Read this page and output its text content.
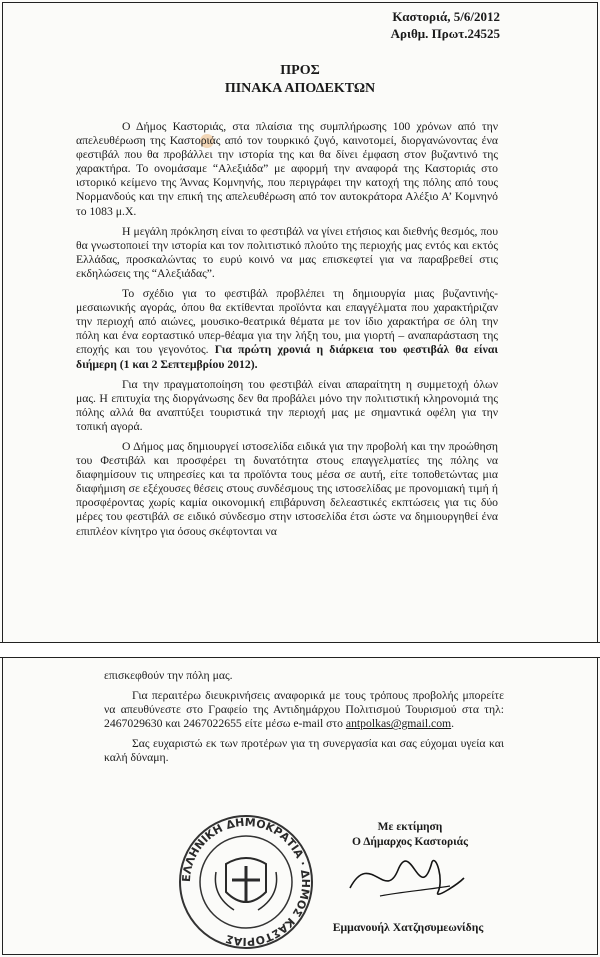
Καστοριά, 5/6/2012
Αριθμ. Πρωτ.24525
ΠΡΟΣ
ΠΙΝΑΚΑ ΑΠΟΔΕΚΤΩΝ

Ο Δήμος Καστοριάς, στα πλαίσια της συμπλήρωσης 100 χρόνων από την απελευθέρωση της Καστοριάς από τον τουρκικό ζυγό, καινοτομεί, διοργανώνοντας ένα φεστιβάλ που θα προβάλλει την ιστορία της και θα δίνει έμφαση στον βυζαντινό της χαρακτήρα. Το ονομάσαμε “Αλεξιάδα” με αφορμή την αναφορά της Καστοριάς στο ιστορικό κείμενο της Άννας Κομνηνής, που περιγράφει την κατοχή της πόλης από τους Νορμανδούς και την επική της απελευθέρωση από τον αυτοκράτορα Αλέξιο Α’ Κομνηνό το 1083 μ.Χ.

Η μεγάλη πρόκληση είναι το φεστιβάλ να γίνει ετήσιος και διεθνής θεσμός, που θα γνωστοποιεί την ιστορία και τον πολιτιστικό πλούτο της περιοχής μας εντός και εκτός Ελλάδας, προσκαλώντας το ευρύ κοινό να μας επισκεφτεί για να παραβρεθεί στις εκδηλώσεις της “Αλεξιάδας”.

Το σχέδιο για το φεστιβάλ προβλέπει τη δημιουργία μιας βυζαντινής- μεσαιωνικής αγοράς, όπου θα εκτίθενται προϊόντα και επαγγέλματα που χαρακτήριζαν την περιοχή από αιώνες, μουσικο-θεατρικά θέματα με τον ίδιο χαρακτήρα σε όλη την πόλη και ένα εορταστικό υπερ-θέαμα για την λήξη του, μια γιορτή – αναπαράσταση της εποχής και του γεγονότος. Για πρώτη χρονιά η διάρκεια του φεστιβάλ θα είναι διήμερη (1 και 2 Σεπτεμβρίου 2012).

Για την πραγματοποίηση του φεστιβάλ είναι απαραίτητη η συμμετοχή όλων μας. Η επιτυχία της διοργάνωσης δεν θα προβάλει μόνο την πολιτιστική κληρονομιά της πόλης αλλά θα αναπτύξει τουριστικά την περιοχή μας με σημαντικά οφέλη για την τοπική αγορά.

Ο Δήμος μας δημιουργεί ιστοσελίδα ειδικά για την προβολή και την προώθηση του Φεστιβάλ και προσφέρει τη δυνατότητα στους επαγγελματίες της πόλης να διαφημίσουν τις υπηρεσίες και τα προϊόντα τους μέσα σε αυτή, είτε τοποθετώντας μια διαφήμιση σε εξέχουσες θέσεις στους συνδέσμους της ιστοσελίδας με προνομιακή τιμή ή προσφέροντας χωρίς καμία οικονομική επιβάρυνση δελεαστικές εκπτώσεις για τις δύο μέρες του φεστιβάλ σε ειδικό σύνδεσμο στην ιστοσελίδα έτσι ώστε να δημιουργηθεί ένα επιπλέον κίνητρο για όσους σκέφτονται να

επισκεφθούν την πόλη μας.

Για περαιτέρω διευκρινήσεις αναφορικά με τους τρόπους προβολής μπορείτε να απευθύνεστε στο Γραφείο της Αντιδημάρχου Πολιτισμού Τουρισμού στα τηλ: 2467029630 και 2467022655 είτε μέσω e-mail στο antpolkas@gmail.com.

Σας ευχαριστώ εκ των προτέρων για τη συνεργασία και σας εύχομαι υγεία και καλή δύναμη.

ΕΛΛΗΝΙΚΗ ΔΗΜΟΚΡΑΤΙΑ · ΔΗΜΟΣ ΚΑΣΤΟΡΙΑΣ
Με εκτίμηση
Ο Δήμαρχος Καστοριάς
Εμμανουήλ Χατζησυμεωνίδης
